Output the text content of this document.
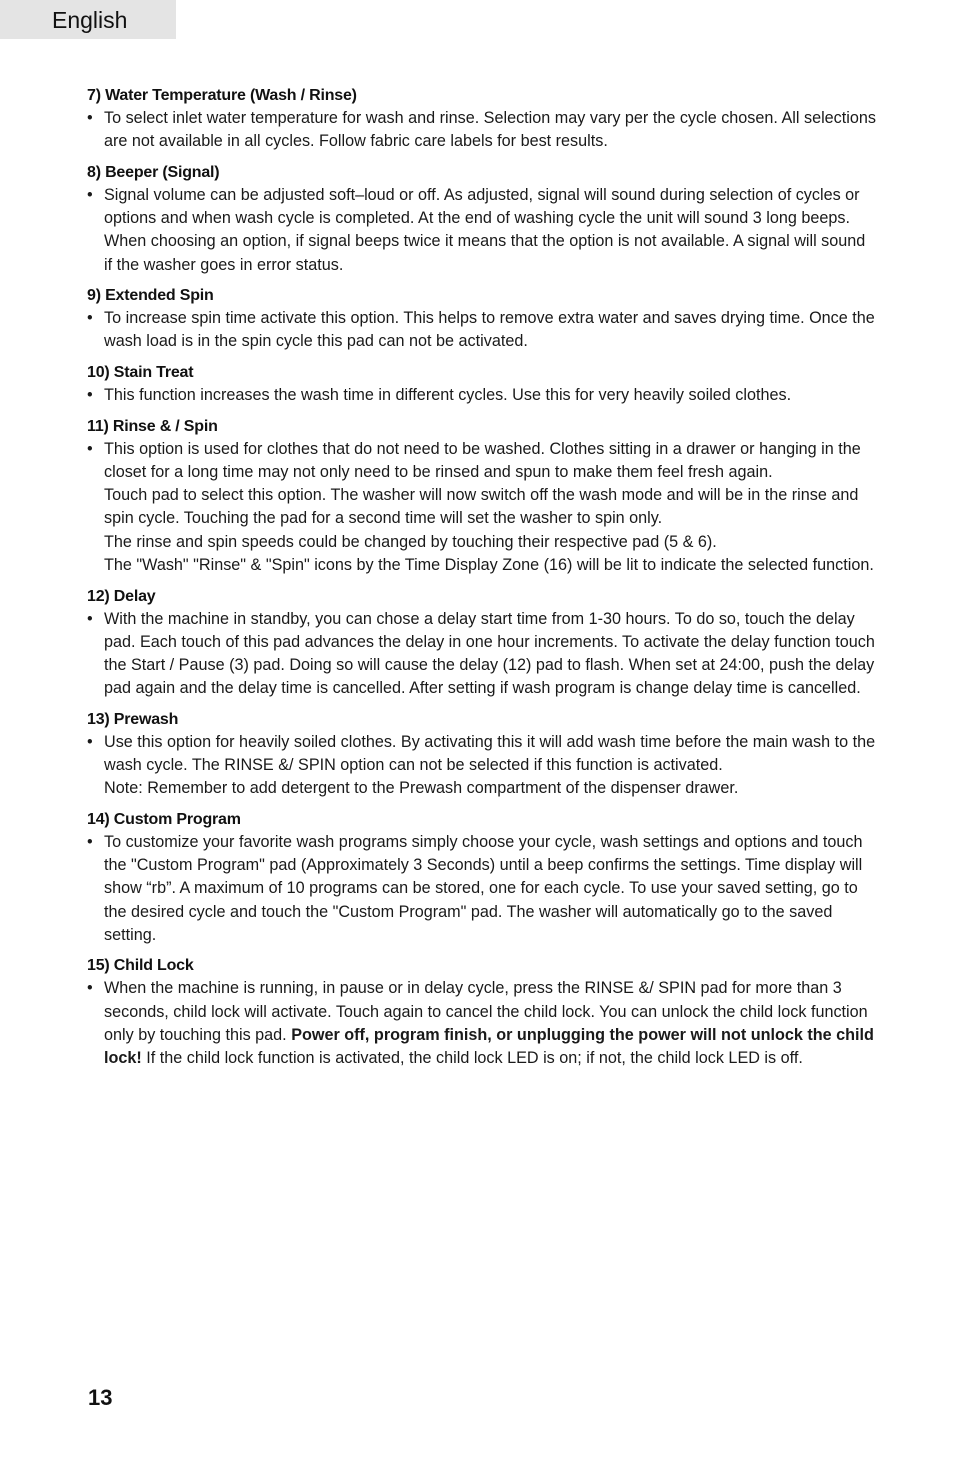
English

7) Water Temperature (Wash / Rinse)

• To select inlet water temperature for wash and rinse. Selection may vary per the cycle chosen. All selections are not available in all cycles. Follow fabric care labels for best results.

8) Beeper (Signal)

• Signal volume can be adjusted soft–loud or off. As adjusted, signal will sound during selection of cycles or options and when wash cycle is completed. At the end of washing cycle the unit will sound 3 long beeps. When choosing an option, if signal beeps twice it means that the option is not available. A signal will sound if the washer goes in error status.

9) Extended Spin

• To increase spin time activate this option. This helps to remove extra water and saves drying time. Once the wash load is in the spin cycle this pad can not be activated.

10) Stain Treat

• This function increases the wash time in different cycles. Use this for very heavily soiled clothes.

11) Rinse & / Spin

• This option is used for clothes that do not need to be washed. Clothes sitting in a drawer or hanging in the closet for a long time may not only need to be rinsed and spun to make them feel fresh again.
Touch pad to select this option. The washer will now switch off the wash mode and will be in the rinse and spin cycle. Touching the pad for a second time will set the washer to spin only.
The rinse and spin speeds could be changed by touching their respective pad (5 & 6).
The "Wash" "Rinse" & "Spin" icons by the Time Display Zone (16) will be lit to indicate the selected function.

12) Delay

• With the machine in standby, you can chose a delay start time from 1-30 hours. To do so, touch the delay pad. Each touch of this pad advances the delay in one hour increments. To activate the delay function touch the Start / Pause (3) pad. Doing so will cause the delay (12) pad to flash. When set at 24:00, push the delay pad again and the delay time is cancelled. After setting if wash program is change delay time is cancelled.

13) Prewash

• Use this option for heavily soiled clothes. By activating this it will add wash time before the main wash to the wash cycle. The RINSE &/ SPIN option can not be selected if this function is activated.
Note: Remember to add detergent to the Prewash compartment of the dispenser drawer.

14) Custom Program

• To customize your favorite wash programs simply choose your cycle, wash settings and options and touch the "Custom Program" pad (Approximately 3 Seconds) until a beep confirms the settings. Time display will show “rb”. A maximum of 10 programs can be stored, one for each cycle. To use your saved setting, go to the desired cycle and touch the "Custom Program" pad. The washer will automatically go to the saved setting.

15) Child Lock

• When the machine is running, in pause or in delay cycle, press the RINSE &/ SPIN pad for more than 3 seconds, child lock will activate. Touch again to cancel the child lock. You can unlock the child lock function only by touching this pad. Power off, program finish, or unplugging the power will not unlock the child lock! If the child lock function is activated, the child lock LED is on; if not, the child lock LED is off.
13
